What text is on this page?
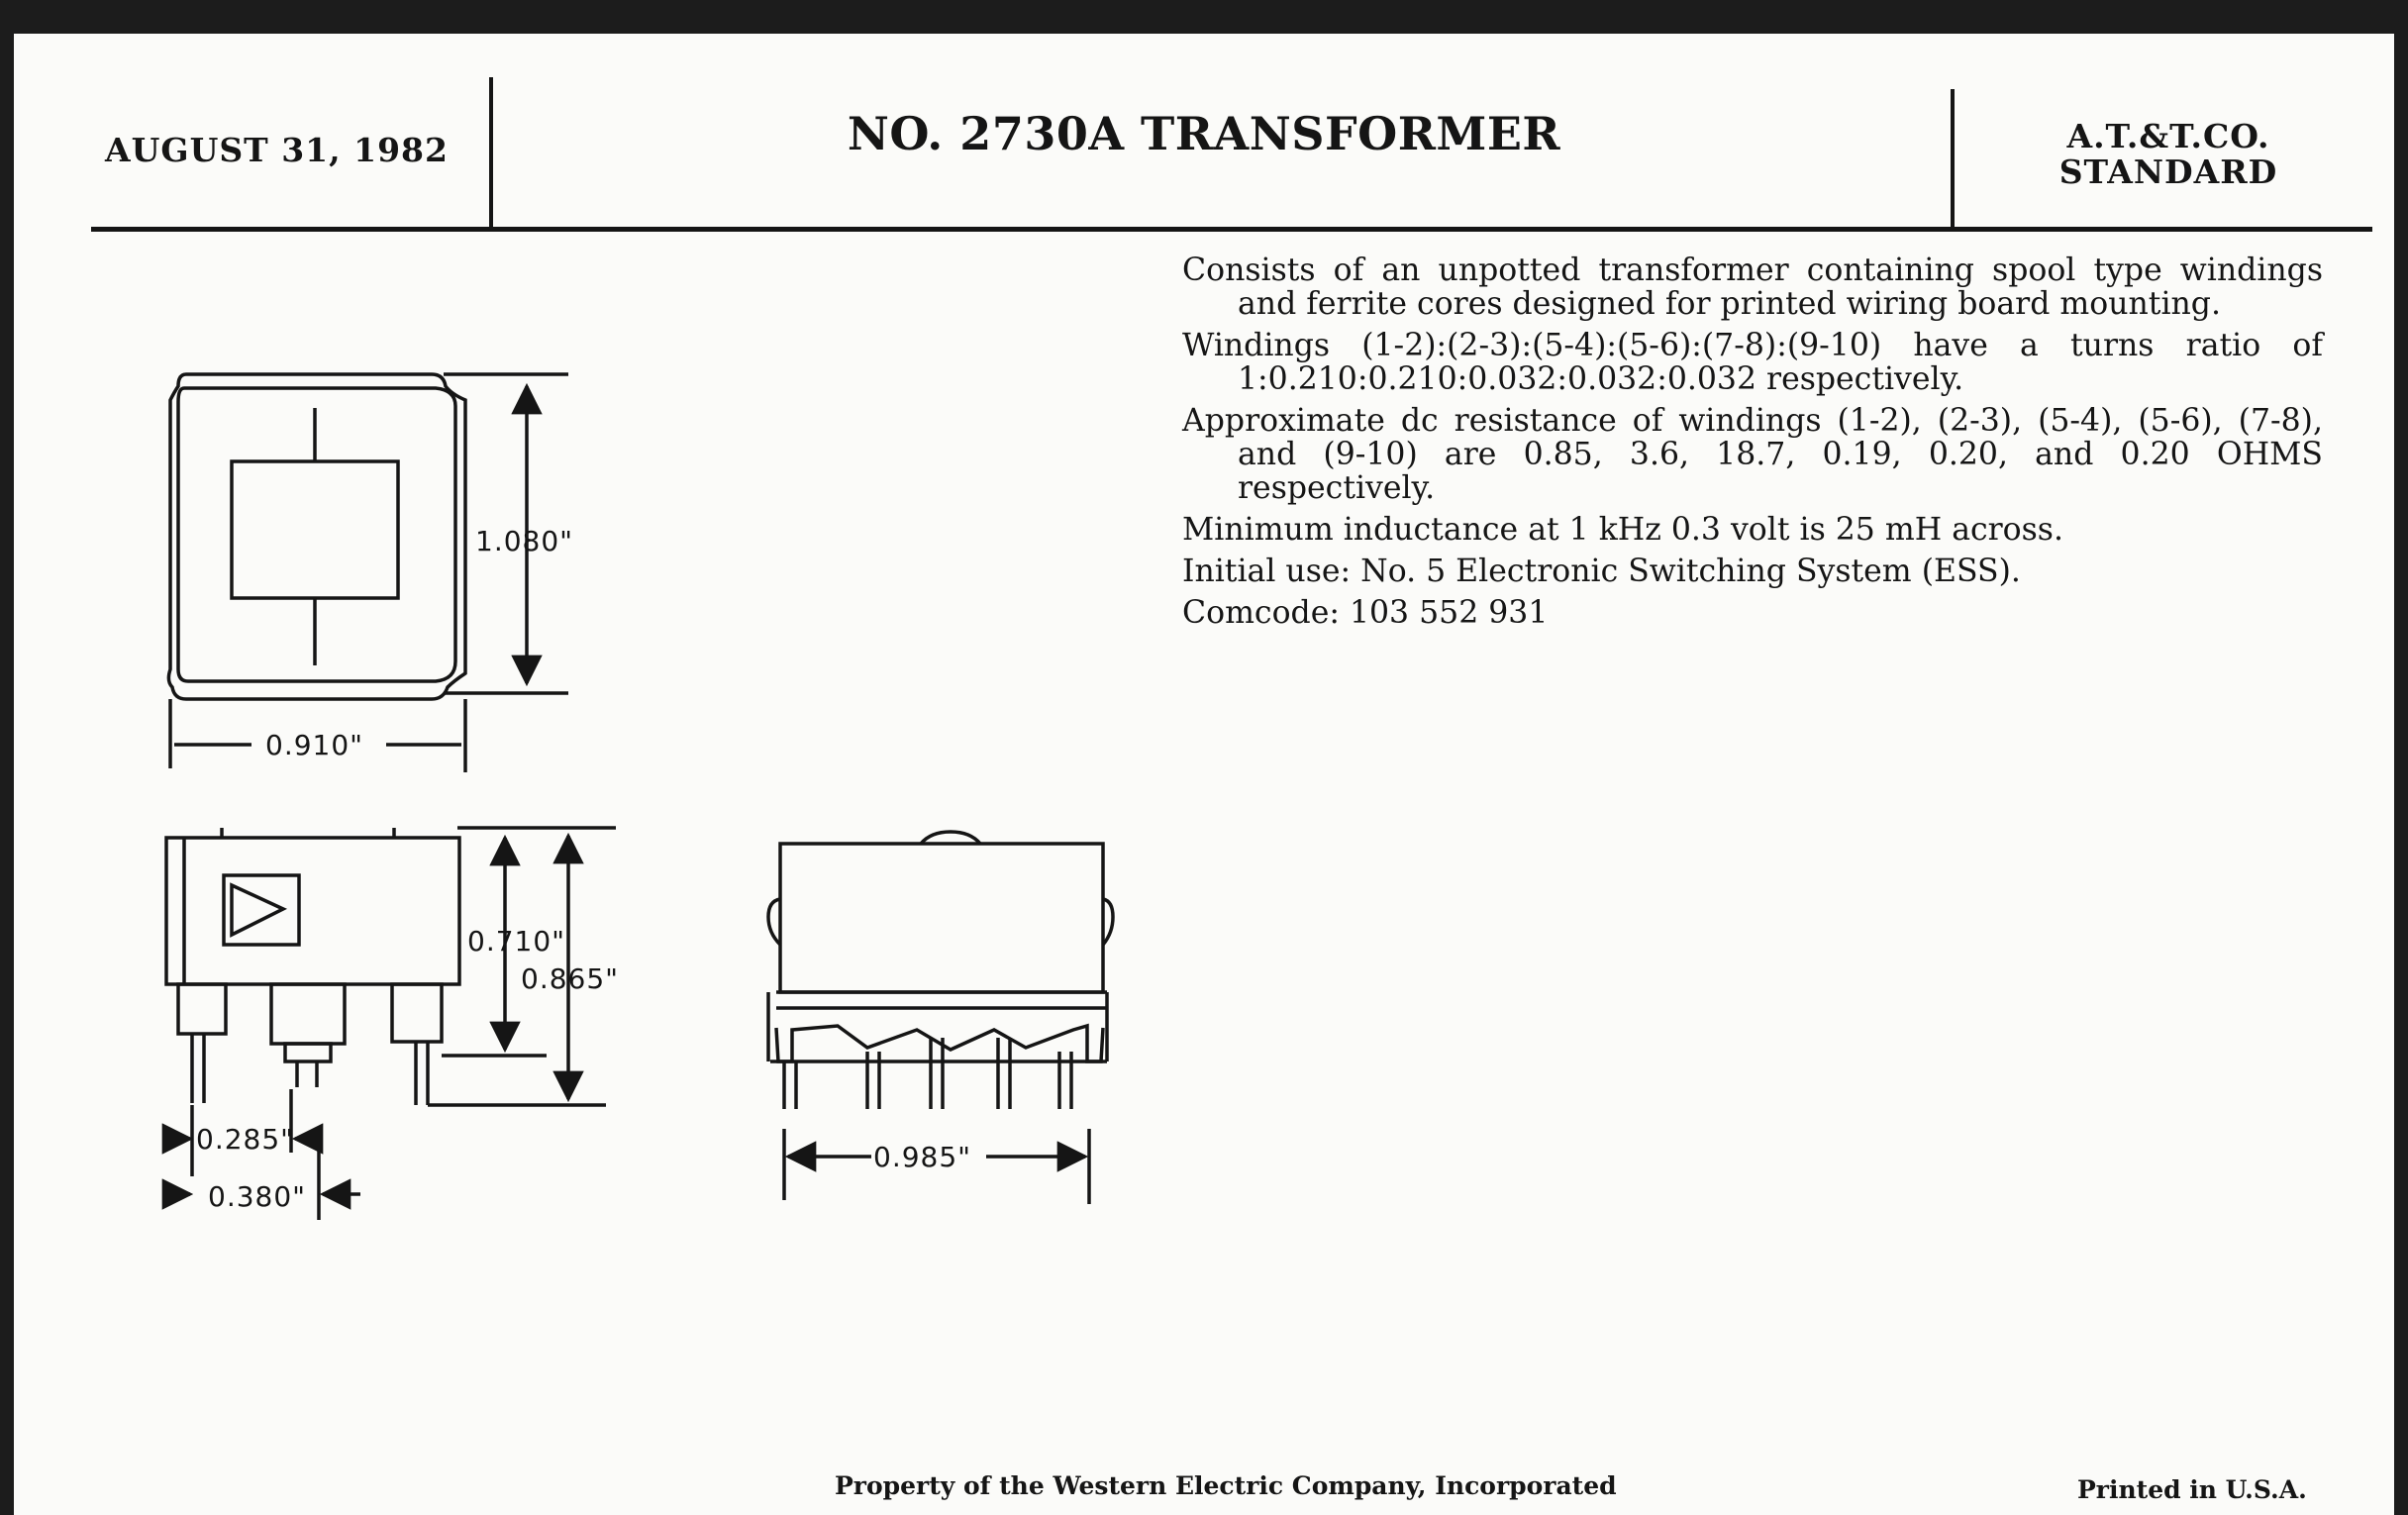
AUGUST 31, 1982	NO. 2730A TRANSFORMER	A.T.&T.CO.
STANDARD

Consists of an unpotted transformer containing spool type windings and ferrite cores designed for printed wiring board mounting.

Windings (1-2):(2-3):(5-4):(5-6):(7-8):(9-10) have a turns ratio of 1:0.210:0.210:0.032:0.032:0.032 respectively.

Approximate dc resistance of windings (1-2), (2-3), (5-4), (5-6), (7-8), and (9-10) are 0.85, 3.6, 18.7, 0.19, 0.20, and 0.20 OHMS respectively.

Minimum inductance at 1 kHz 0.3 volt is 25 mH across.

Initial use: No. 5 Electronic Switching System (ESS).

Comcode: 103 552 931

1.080"
0.910"
0.710"
0.865"
0.285"
0.380"
0.985"
Property of the Western Electric Company, Incorporated	Printed in U.S.A.
